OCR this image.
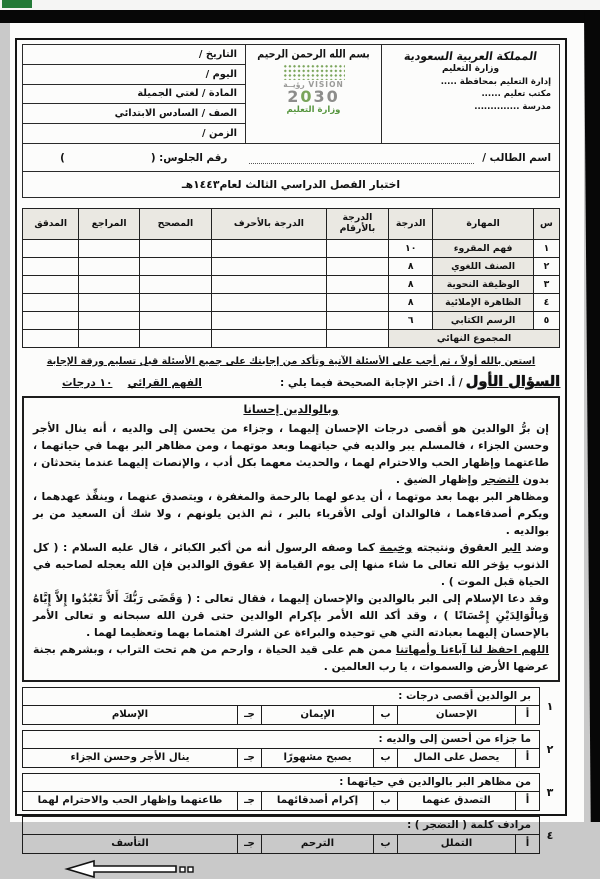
المملكة العربية السعودية
وزارة التعليم
إدارة التعليم بمحافظة .....
مكتب تعليم ......
مدرسة ..............
بسم الله الرحمن الرحيم
VISION رؤيــة
2030
وزارة التعليم
التاريخ /
اليوم /
المادة / لغتي الجميلة
الصف / السادس الابتدائي
الزمن /
اسم الطالب /
رقم الجلوس: (
)
اختبار الفصل الدراسي الثالث لعام١٤٤٣هـ
س	المهارة	الدرجة	الدرجة بالأرقام	الدرجة بالأحرف	المصحح	المراجع	المدقق
١	فهم المقروء	١٠					
٢	الصنف اللغوي	٨					
٣	الوظيفة النحوية	٨					
٤	الظاهرة الإملائية	٨					
٥	الرسم الكتابي	٦					
المجموع النهائي							
استعن بالله أولاً ، ثم أجب على الأسئلة الآتية وتأكد من إجابتك على جميع الأسئلة قبل تسليم ورقة الإجابة
السؤال الأول
/ أ. اختر الإجابة الصحيحة فيما يلي :
الفهم القرائي
١٠ درجات
وبالوالدين إحسانا
إن برُّ الوالدين هو أقصى درجات الإحسان إليهما ، وجزاء من يحسن إلى والديه ، أنه ينال الأجر وحسن الجزاء ، فالمسلم يبر والديه في حياتهما وبعد موتهما ، ومن مظاهر البر بهما في حياتهما ، طاعتهما وإظهار الحب والاحترام لهما ، والحديث معهما بكل أدب ، والإنصات إليهما عندما يتحدثان ، بدون التضجر وإظهار الضيق .
ومظاهر البر بهما بعد موتهما ، أن يدعو لهما بالرحمة والمغفرة ، ويتصدق عنهما ، وينفِّذ عهدهما ، ويكرم أصدقاءهما ، فالوالدان أولى الأقرباء بالبر ، ثم الذين يلونهم ، ولا شك أن السعيد من بر بوالديه .
وضد البر العقوق ونتيجته وخيمة كما وصفه الرسول أنه من أكبر الكبائر ، قال عليه السلام : ( كل الذنوب يؤخر الله تعالى ما شاء منها إلى يوم القيامة إلا عقوق الوالدين فإن الله يعجله لصاحبه في الحياة قبل الموت ) .
وقد دعا الإسلام إلى البر بالوالدين والإحسان إليهما ، فقال تعالى : ( وَقَضَى رَبُّكَ أَلاَّ تَعْبُدُوا إِلاَّ إِيَّاهُ وَبِالْوَالِدَيْنِ إِحْسَانًا ) ، وقد أكد الله الأمر بإكرام الوالدين حتى قرن الله سبحانه و تعالى الأمر بالإحسان إليهما بعبادته التي هي توحيده والبراءة عن الشرك اهتماما بهما وتعظيما لهما .
اللهم احفظ لنا آباءنا وأمهاتنا ممن هم على قيد الحياة ، وارحم من هم تحت التراب ، وبشرهم بجنة عرضها الأرض والسموات ، يا رب العالمين .
١
بر الوالدين أقصى درجات :
أ
الإحسان
ب
الإيمان
جـ
الإسلام
٢
ما جزاء من أحسن إلى والديه :
أ
يحصل على المال
ب
يصبح مشهورًا
جـ
ينال الأجر وحسن الجزاء
٣
من مظاهر البر بالوالدين في حياتهما :
أ
التصدق عنهما
ب
إكرام أصدقائهما
جـ
طاعتهما وإظهار الحب والاحترام لهما
٤
مرادف كلمة ( التضجر ) :
أ
التملل
ب
الترحم
جـ
التأسف
